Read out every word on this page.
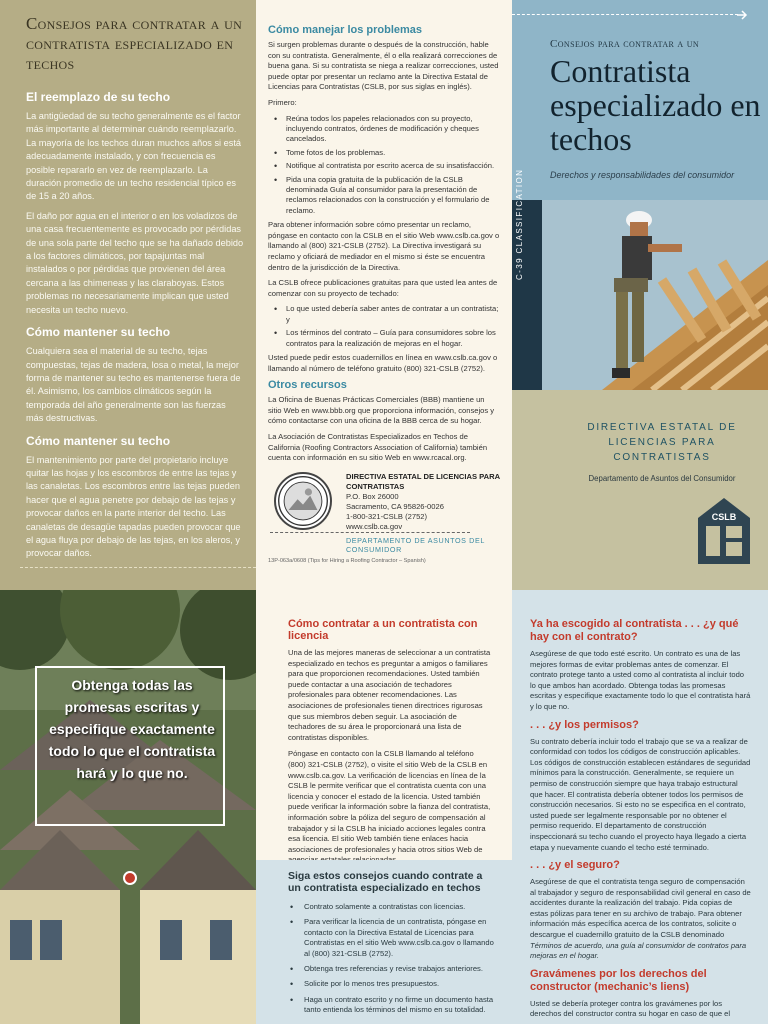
Consejos para contratar a un contratista especializado en techos
El reemplazo de su techo

La antigüedad de su techo generalmente es el factor más importante al determinar cuándo reemplazarlo. La mayoría de los techos duran muchos años si está adecuadamente instalado, y con frecuencia es posible repararlo en vez de reemplazarlo. La duración promedio de un techo residencial típico es de 15 a 20 años.

El daño por agua en el interior o en los voladizos de una casa frecuentemente es provocado por pérdidas de una sola parte del techo que se ha dañado debido a los factores climáticos, por tapajuntas mal instalados o por pérdidas que provienen del área cercana a las chimeneas y las claraboyas. Estos problemas no necesariamente implican que usted necesita un techo nuevo.

Cómo mantener su techo

Cualquiera sea el material de su techo, tejas compuestas, tejas de madera, losa o metal, la mejor forma de mantener su techo es mantenerse fuera de él. Asimismo, los cambios climáticos según la temporada del año generalmente son las fuerzas más destructivas.

Cómo mantener su techo

El mantenimiento por parte del propietario incluye quitar las hojas y los escombros de entre las tejas y las canaletas. Los escombros entre las tejas pueden hacer que el agua penetre por debajo de las tejas y provocar daños en la parte interior del techo. Las canaletas de desagüe tapadas pueden provocar que el agua fluya por debajo de las tejas, en los aleros, y provocar daños.

Cómo manejar los problemas

Si surgen problemas durante o después de la construcción, hable con su contratista. Generalmente, él o ella realizará correcciones de buena gana. Si su contratista se niega a realizar correcciones, usted puede optar por presentar un reclamo ante la Directiva Estatal de Licencias para Contratistas (CSLB, por sus siglas en inglés).

Primero:

• Reúna todos los papeles relacionados con su proyecto, incluyendo contratos, órdenes de modificación y cheques cancelados.
• Tome fotos de los problemas.
• Notifique al contratista por escrito acerca de su insatisfacción.
• Pida una copia gratuita de la publicación de la CSLB denominada Guía al consumidor para la presentación de reclamos relacionados con la construcción y el formulario de reclamo.

Para obtener información sobre cómo presentar un reclamo, póngase en contacto con la CSLB en el sitio Web www.cslb.ca.gov o llamando al (800) 321-CSLB (2752). La Directiva investigará su reclamo y oficiará de mediador en el mismo si éste se encuentra dentro de la jurisdicción de la Directiva.

La CSLB ofrece publicaciones gratuitas para que usted lea antes de comenzar con su proyecto de techado:

• Lo que usted debería saber antes de contratar a un contratista; y
• Los términos del contrato – Guía para consumidores sobre los contratos para la realización de mejoras en el hogar.

Usted puede pedir estos cuadernillos en línea en www.cslb.ca.gov o llamando al número de teléfono gratuito (800) 321-CSLB (2752).

Otros recursos

La Oficina de Buenas Prácticas Comerciales (BBB) mantiene un sitio Web en www.bbb.org que proporciona información, consejos y cómo contactarse con una oficina de la BBB cerca de su hogar.

La Asociación de Contratistas Especializados en Techos de California (Roofing Contractors Association of California) también cuenta con información en su sitio Web en www.rcacal.org.

DIRECTIVA ESTATAL DE LICENCIAS PARA CONTRATISTAS
P.O. Box 26000
Sacramento, CA 95826-0026
1-800-321-CSLB (2752)
www.cslb.ca.gov
DEPARTAMENTO DE ASUNTOS DEL CONSUMIDOR
13P-063a/0608 (Tips for Hiring a Roofing Contractor – Spanish)
Consejos para contratar a un
Contratista especializado en techos
Derechos y responsabilidades del consumidor
C-39 CLASSIFICATION
DIRECTIVA ESTATAL DE LICENCIAS PARA CONTRATISTAS
Departamento de Asuntos del Consumidor
CSLB
Obtenga todas las promesas escritas y especifique exactamente todo lo que el contratista hará y lo que no.
Cómo contratar a un contratista con licencia

Una de las mejores maneras de seleccionar a un contratista especializado en techos es preguntar a amigos o familiares para que proporcionen recomendaciones. Usted también puede contactar a una asociación de techadores profesionales para obtener recomendaciones. Las asociaciones de profesionales tienen directrices rigurosas que sus miembros deben seguir. La asociación de techadores de su área le proporcionará una lista de contratistas disponibles.

Póngase en contacto con la CSLB llamando al teléfono (800) 321-CSLB (2752), o visite el sitio Web de la CSLB en www.cslb.ca.gov. La verificación de licencias en línea de la CSLB le permite verificar que el contratista cuenta con una licencia y conocer el estado de la licencia. Usted también puede verificar la información sobre la fianza del contratista, información sobre la póliza del seguro de compensación al trabajador y si la CSLB ha iniciado acciones legales contra esa licencia. El sitio Web también tiene enlaces hacia asociaciones de profesionales y hacia otros sitios Web de

Siga estos consejos cuando contrate a un contratista especializado en techos
• Contrato solamente a contratistas con licencias.
• Para verificar la licencia de un contratista, póngase en contacto con la Directiva Estatal de Licencias para Contratistas en el sitio Web www.cslb.ca.gov o llamando al (800) 321-CSLB (2752).
• Obtenga tres referencias y revise trabajos anteriores.
• Solicite por lo menos tres presupuestos.
• Haga un contrato escrito y no firme un documento hasta tanto entienda los términos del mismo en su totalidad.
Ya ha escogido al contratista . . . ¿y qué hay con el contrato?

Asegúrese de que todo esté escrito. Un contrato es una de las mejores formas de evitar problemas antes de comenzar. El contrato protege tanto a usted como al contratista al incluir todo lo que ambos han acordado. Obtenga todas las promesas escritas y especifique exactamente todo lo que el contratista hará y lo que no.

. . . ¿y los permisos?

Su contrato debería incluir todo el trabajo que se va a realizar de conformidad con todos los códigos de construcción aplicables. Los códigos de construcción establecen estándares de seguridad mínimos para la construcción. Generalmente, se requiere un permiso de construcción siempre que haya trabajo estructural que hacer. El contratista debería obtener todos los permisos de construcción necesarios. Si esto no se especifica en el contrato, usted puede ser legalmente responsable por no obtener el permiso requerido. El departamento de construcción inspeccionará su techo cuando el proyecto haya llegado a cierta etapa y nuevamente cuando el techo esté terminado.

. . . ¿y el seguro?

Asegúrese de que el contratista tenga seguro de compensación al trabajador y seguro de responsabilidad civil general en caso de accidentes durante la realización del trabajo. Pida copias de estas pólizas para tener en su archivo de trabajo. Para obtener información más específica acerca de los contratos, solicite o descargue el cuadernillo gratuito de la CSLB denominado Términos de acuerdo, una guía al consumidor de contratos para mejoras en el hogar.

Gravámenes por los derechos del constructor (mechanic’s liens)

Usted se debería proteger contra los gravámenes por los derechos del constructor contra su hogar en caso de que el
